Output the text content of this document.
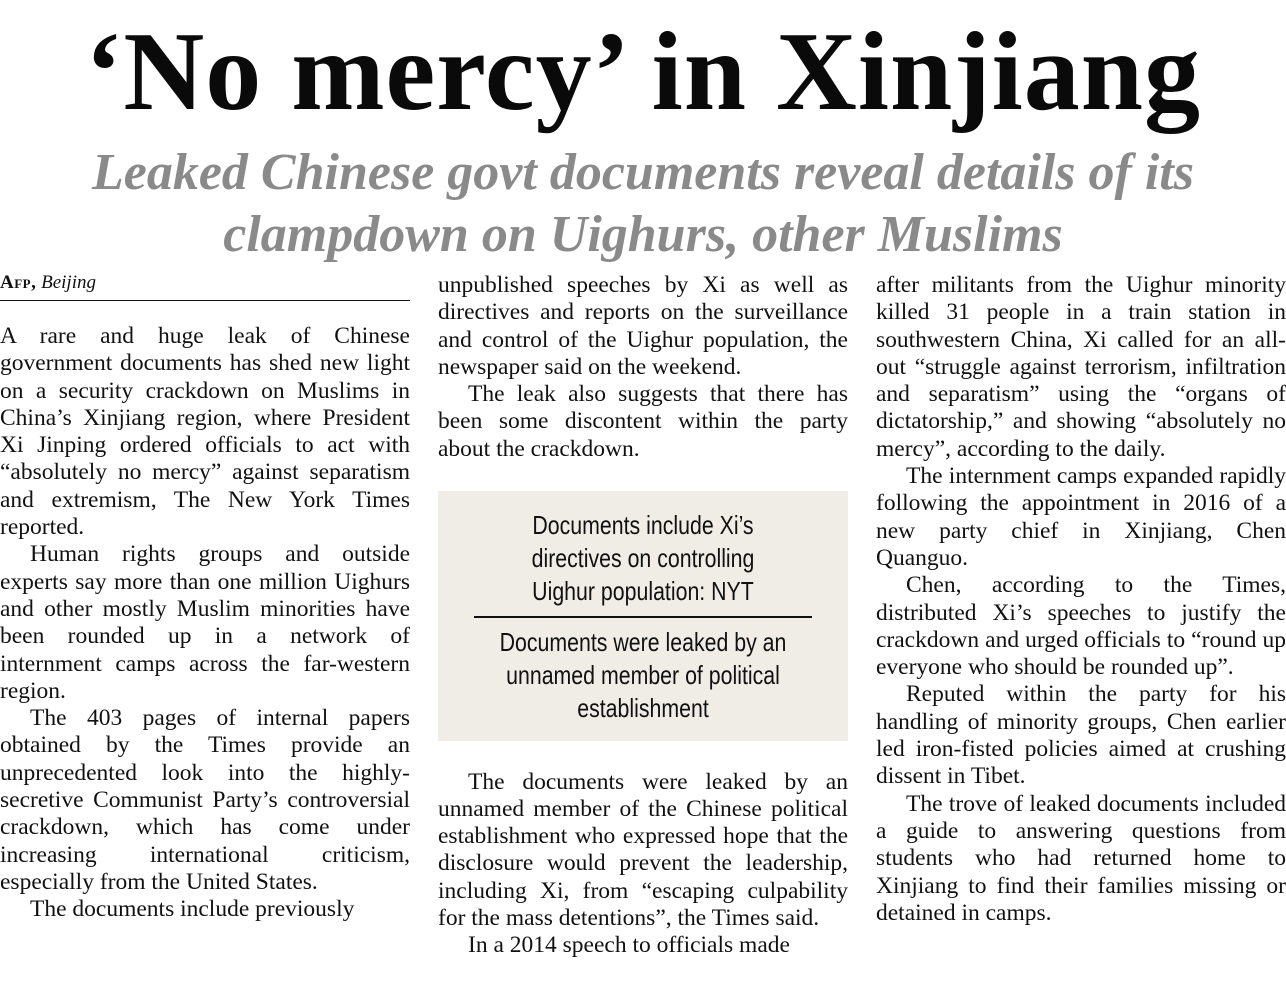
‘No mercy’ in Xinjiang
Leaked Chinese govt documents reveal details of its clampdown on Uighurs, other Muslims
Afp, Beijing

A rare and huge leak of Chinese government documents has shed new light on a security crackdown on Muslims in China’s Xinjiang region, where President Xi Jinping ordered officials to act with “absolutely no mercy” against separatism and extremism, The New York Times reported.

Human rights groups and outside experts say more than one million Uighurs and other mostly Muslim minorities have been rounded up in a network of internment camps across the far-western region.

The 403 pages of internal papers obtained by the Times provide an unprecedented look into the highly-secretive Communist Party’s controversial crackdown, which has come under increasing international criticism, especially from the United States.

The documents include previously

unpublished speeches by Xi as well as directives and reports on the surveillance and control of the Uighur population, the newspaper said on the weekend.

The leak also suggests that there has been some discontent within the party about the crackdown.

Documents include Xi’s directives on controlling Uighur population: NYT
Documents were leaked by an unnamed member of political establishment

The documents were leaked by an unnamed member of the Chinese political establishment who expressed hope that the disclosure would prevent the leadership, including Xi, from “escaping culpability for the mass detentions”, the Times said.

In a 2014 speech to officials made

after militants from the Uighur minority killed 31 people in a train station in southwestern China, Xi called for an all-out “struggle against terrorism, infiltration and separatism” using the “organs of dictatorship,” and showing “absolutely no mercy”, according to the daily.

The internment camps expanded rapidly following the appointment in 2016 of a new party chief in Xinjiang, Chen Quanguo.

Chen, according to the Times, distributed Xi’s speeches to justify the crackdown and urged officials to “round up everyone who should be rounded up”.

Reputed within the party for his handling of minority groups, Chen earlier led iron-fisted policies aimed at crushing dissent in Tibet.

The trove of leaked documents included a guide to answering questions from students who had returned home to Xinjiang to find their families missing or detained in camps.
